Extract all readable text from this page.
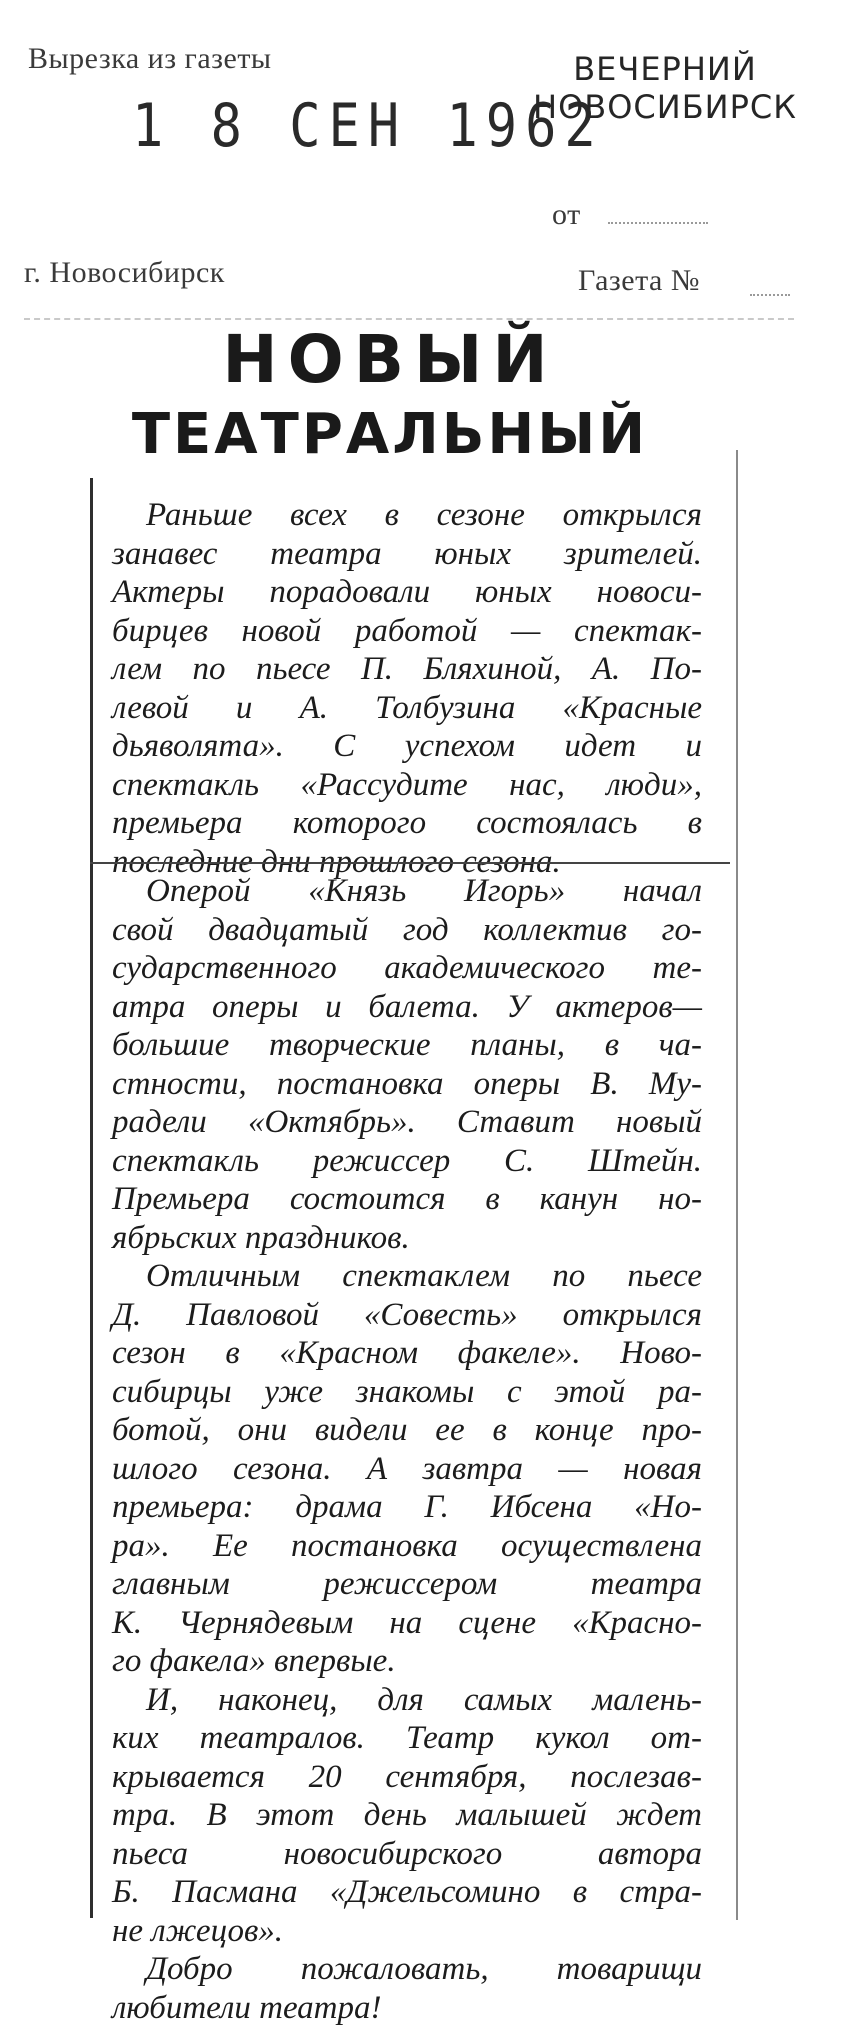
Вырезка из газеты
1 8 СЕН 1962
ВЕЧЕРНИЙ
НОВОСИБИРСК
от
г. Новосибирск	Газета №
НОВЫЙ
ТЕАТРАЛЬНЫЙ
Раньше всех в сезоне открылся
занавес театра юных зрителей.
Актеры порадовали юных новоси-
бирцев новой работой — спектак-
лем по пьесе П. Бляхиной, А. По-
левой и А. Толбузина «Красные
дьяволята». С успехом идет и
спектакль «Рассудите нас, люди»,
премьера которого состоялась в
последние дни прошлого сезона.
Оперой «Князь Игорь» начал
свой двадцатый год коллектив го-
сударственного академического те-
атра оперы и балета. У актеров—
большие творческие планы, в ча-
стности, постановка оперы В. Му-
радели «Октябрь». Ставит новый
спектакль режиссер С. Штейн.
Премьера состоится в канун но-
ябрьских праздников.
Отличным спектаклем по пьесе
Д. Павловой «Совесть» открылся
сезон в «Красном факеле». Ново-
сибирцы уже знакомы с этой ра-
ботой, они видели ее в конце про-
шлого сезона. А завтра — новая
премьера: драма Г. Ибсена «Но-
ра». Ее постановка осуществлена
главным режиссером театра
К. Чернядевым на сцене «Красно-
го факела» впервые.
И, наконец, для самых малень-
ких театралов. Театр кукол от-
крывается 20 сентября, послезав-
тра. В этот день малышей ждет
пьеса новосибирского автора
Б. Пасмана «Джельсомино в стра-
не лжецов».
Добро пожаловать, товарищи
любители театра!
